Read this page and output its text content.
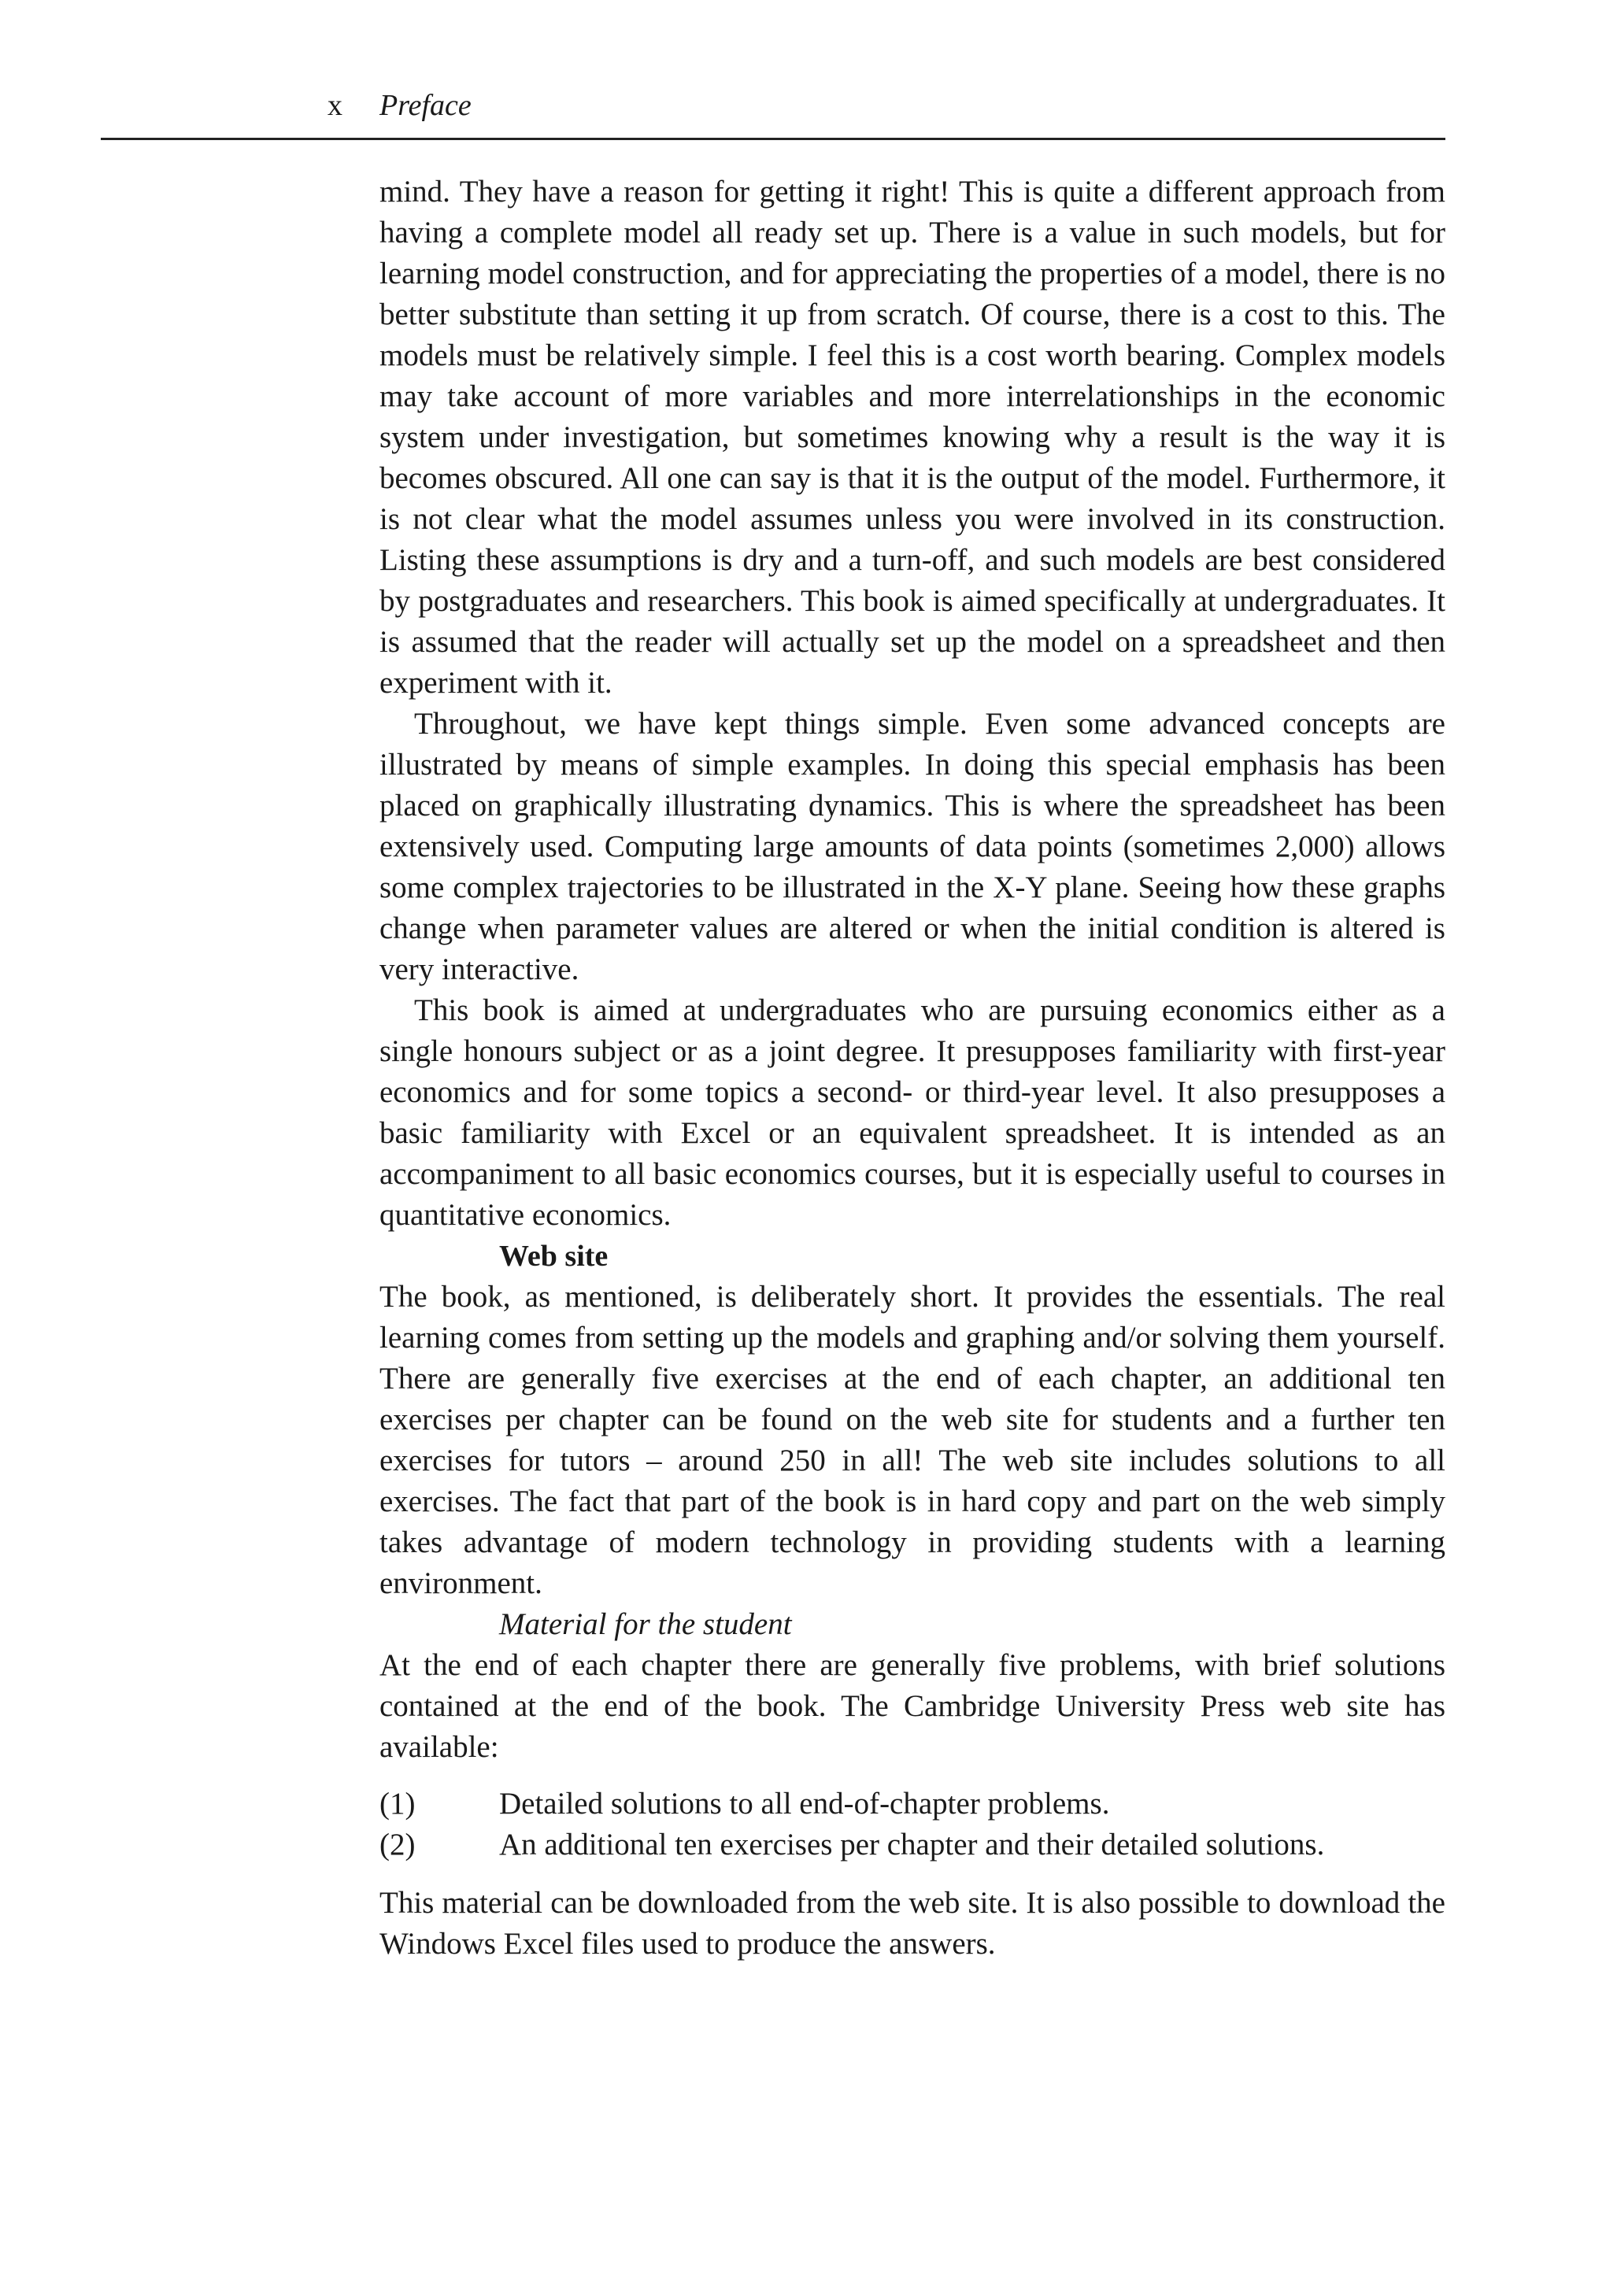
x Preface

mind. They have a reason for getting it right! This is quite a different approach from having a complete model all ready set up. There is a value in such models, but for learning model construction, and for appreciating the properties of a model, there is no better substitute than setting it up from scratch. Of course, there is a cost to this. The models must be relatively simple. I feel this is a cost worth bearing. Complex models may take account of more variables and more interrelationships in the economic system under investigation, but sometimes knowing why a result is the way it is becomes obscured. All one can say is that it is the output of the model. Furthermore, it is not clear what the model assumes unless you were involved in its construction. Listing these assumptions is dry and a turn-off, and such models are best considered by postgraduates and researchers. This book is aimed specifically at undergraduates. It is assumed that the reader will actually set up the model on a spreadsheet and then experiment with it.

Throughout, we have kept things simple. Even some advanced concepts are illustrated by means of simple examples. In doing this special emphasis has been placed on graphically illustrating dynamics. This is where the spreadsheet has been extensively used. Computing large amounts of data points (sometimes 2,000) allows some complex trajectories to be illustrated in the X-Y plane. Seeing how these graphs change when parameter values are altered or when the initial condition is altered is very interactive.

This book is aimed at undergraduates who are pursuing economics either as a single honours subject or as a joint degree. It presupposes familiarity with first-year economics and for some topics a second- or third-year level. It also presupposes a basic familiarity with Excel or an equivalent spreadsheet. It is intended as an accompaniment to all basic economics courses, but it is especially useful to courses in quantitative economics.

Web site

The book, as mentioned, is deliberately short. It provides the essentials. The real learning comes from setting up the models and graphing and/or solving them yourself. There are generally five exercises at the end of each chapter, an additional ten exercises per chapter can be found on the web site for students and a further ten exercises for tutors – around 250 in all! The web site includes solutions to all exercises. The fact that part of the book is in hard copy and part on the web simply takes advantage of modern technology in providing students with a learning environment.

Material for the student

At the end of each chapter there are generally five problems, with brief solutions contained at the end of the book. The Cambridge University Press web site has available:

(1)	Detailed solutions to all end-of-chapter problems.
(2)	An additional ten exercises per chapter and their detailed solutions.

This material can be downloaded from the web site. It is also possible to download the Windows Excel files used to produce the answers.
